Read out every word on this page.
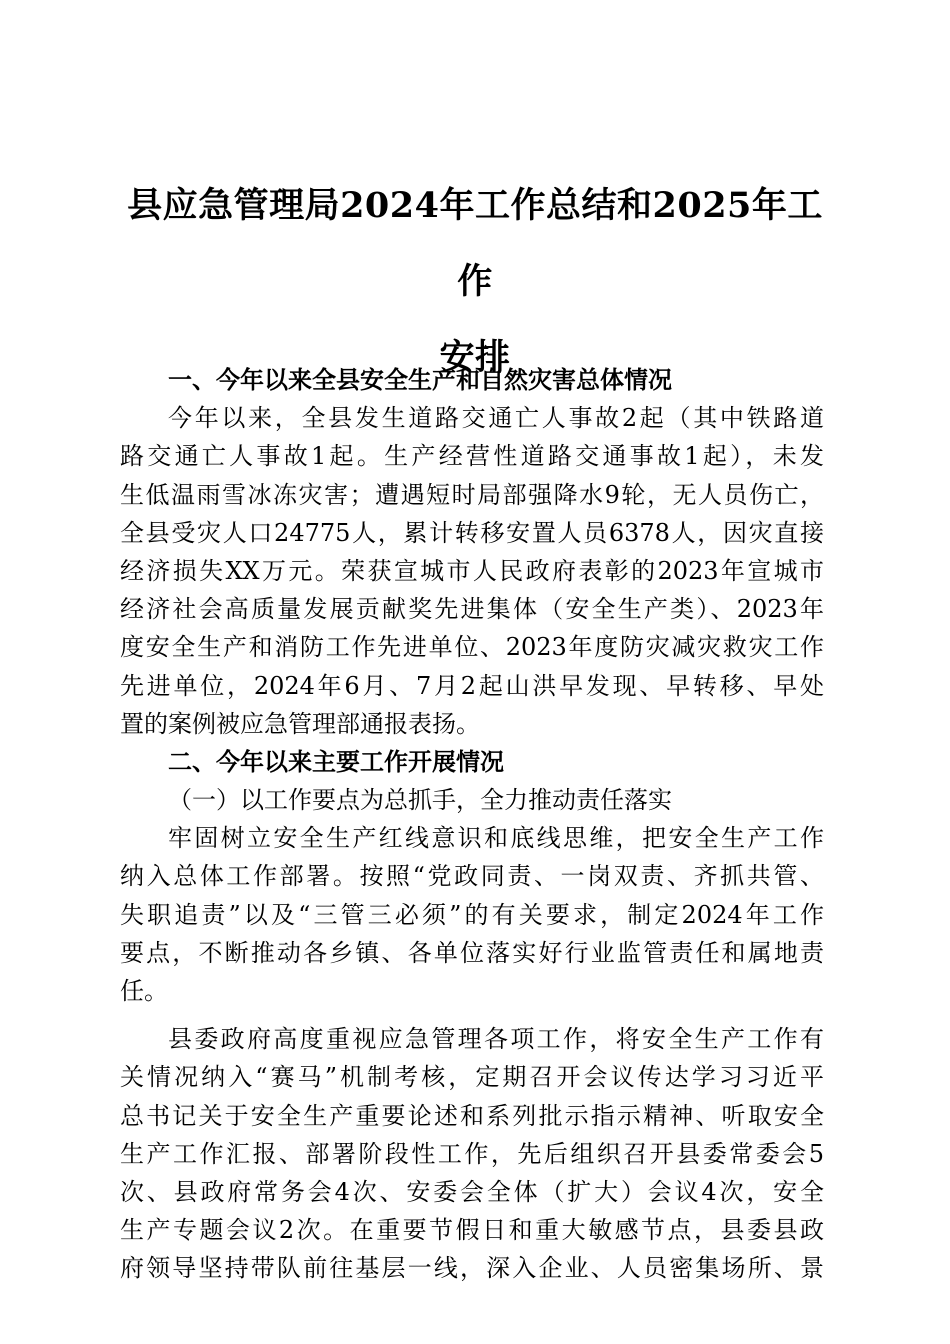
县应急管理局2024年工作总结和2025年工作
安排
一、今年以来全县安全生产和自然灾害总体情况
今年以来，全县发生道路交通亡人事故2起（其中铁路道
路交通亡人事故1起。生产经营性道路交通事故1起），未发
生低温雨雪冰冻灾害；遭遇短时局部强降水9轮，无人员伤亡，
全县受灾人口24775人，累计转移安置人员6378人，因灾直接
经济损失XX万元。荣获宣城市人民政府表彰的2023年宣城市
经济社会高质量发展贡献奖先进集体（安全生产类）、2023年
度安全生产和消防工作先进单位、2023年度防灾减灾救灾工作
先进单位，2024年6月、7月2起山洪早发现、早转移、早处
置的案例被应急管理部通报表扬。
二、今年以来主要工作开展情况
（一）以工作要点为总抓手，全力推动责任落实
牢固树立安全生产红线意识和底线思维，把安全生产工作
纳入总体工作部署。按照“党政同责、一岗双责、齐抓共管、
失职追责”以及“三管三必须”的有关要求，制定2024年工作
要点，不断推动各乡镇、各单位落实好行业监管责任和属地责
任。
县委政府高度重视应急管理各项工作，将安全生产工作有
关情况纳入“赛马”机制考核，定期召开会议传达学习习近平
总书记关于安全生产重要论述和系列批示指示精神、听取安全
生产工作汇报、部署阶段性工作，先后组织召开县委常委会5
次、县政府常务会4次、安委会全体（扩大）会议4次，安全
生产专题会议2次。在重要节假日和重大敏感节点，县委县政
府领导坚持带队前往基层一线，深入企业、人员密集场所、景
